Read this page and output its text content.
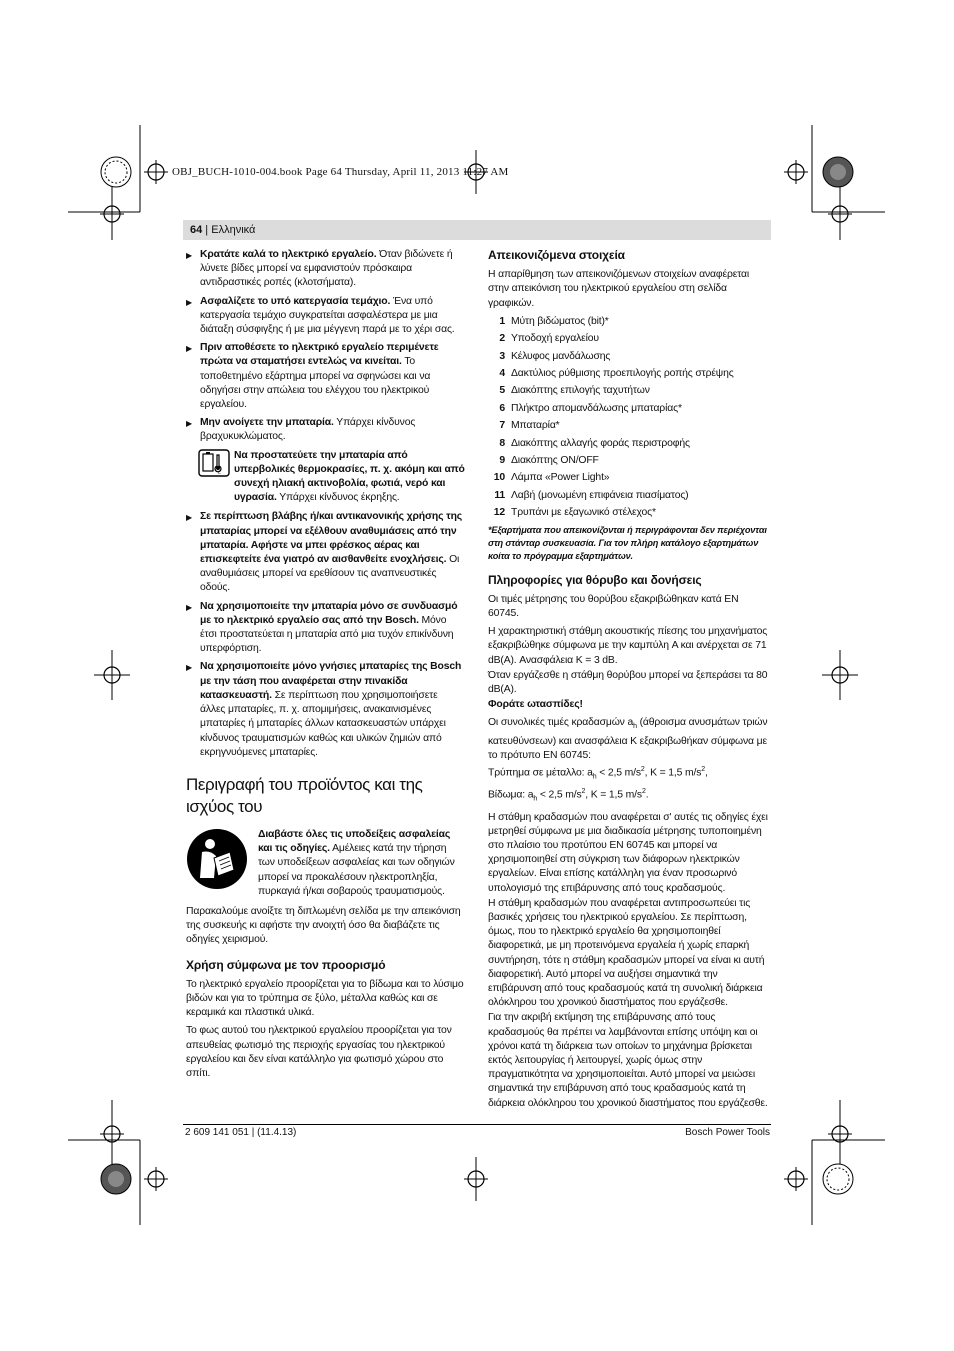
OBJ_BUCH-1010-004.book Page 64 Thursday, April 11, 2013 11:27 AM
64 | Ελληνικά
▶ Κρατάτε καλά το ηλεκτρικό εργαλείο. Όταν βιδώνετε ή λύνετε βίδες μπορεί να εμφανιστούν πρόσκαιρα αντιδραστικές ροπές (κλοτσήματα).
▶ Ασφαλίζετε το υπό κατεργασία τεμάχιο. Ένα υπό κατεργασία τεμάχιο συγκρατείται ασφαλέστερα με μια διάταξη σύσφιγξης ή με μια μέγγενη παρά με το χέρι σας.
▶ Πριν αποθέσετε το ηλεκτρικό εργαλείο περιμένετε πρώτα να σταματήσει εντελώς να κινείται. Το τοποθετημένο εξάρτημα μπορεί να σφηνώσει και να οδηγήσει στην απώλεια του ελέγχου του ηλεκτρικού εργαλείου.
▶ Μην ανοίγετε την μπαταρία. Υπάρχει κίνδυνος βραχυκυκλώματος.
°C
Να προστατεύετε την μπαταρία από υπερβολικές θερμοκρασίες, π. χ. ακόμη και από συνεχή ηλιακή ακτινοβολία, φωτιά, νερό και υγρασία. Υπάρχει κίνδυνος έκρηξης.
▶ Σε περίπτωση βλάβης ή/και αντικανονικής χρήσης της μπαταρίας μπορεί να εξέλθουν αναθυμιάσεις από την μπαταρία. Αφήστε να μπει φρέσκος αέρας και επισκεφτείτε ένα γιατρό αν αισθανθείτε ενοχλήσεις. Οι αναθυμιάσεις μπορεί να ερεθίσουν τις αναπνευστικές οδούς.
▶ Να χρησιμοποιείτε την μπαταρία μόνο σε συνδυασμό με το ηλεκτρικό εργαλείο σας από την Bosch. Μόνο έτσι προστατεύεται η μπαταρία από μια τυχόν επικίνδυνη υπερφόρτιση.
▶ Να χρησιμοποιείτε μόνο γνήσιες μπαταρίες της Bosch με την τάση που αναφέρεται στην πινακίδα κατασκευαστή. Σε περίπτωση που χρησιμοποιήσετε άλλες μπαταρίες, π. χ. απομιμήσεις, ανακαινισμένες μπαταρίες ή μπαταρίες άλλων κατασκευαστών υπάρχει κίνδυνος τραυματισμών καθώς και υλικών ζημιών από εκρηγνυόμενες μπαταρίες.
Περιγραφή του προϊόντος και της ισχύος του
Διαβάστε όλες τις υποδείξεις ασφαλείας και τις οδηγίες. Αμέλειες κατά την τήρηση των υποδείξεων ασφαλείας και των οδηγιών μπορεί να προκαλέσουν ηλεκτροπληξία, πυρκαγιά ή/και σοβαρούς τραυματισμούς.

Παρακαλούμε ανοίξτε τη διπλωμένη σελίδα με την απεικόνιση της συσκευής κι αφήστε την ανοιχτή όσο θα διαβάζετε τις οδηγίες χειρισμού.

Χρήση σύμφωνα με τον προορισμό

Το ηλεκτρικό εργαλείο προορίζεται για το βίδωμα και το λύσιμο βιδών και για το τρύπημα σε ξύλο, μέταλλα καθώς και σε κεραμικά και πλαστικά υλικά.

Το φως αυτού του ηλεκτρικού εργαλείου προορίζεται για τον απευθείας φωτισμό της περιοχής εργασίας του ηλεκτρικού εργαλείου και δεν είναι κατάλληλο για φωτισμό χώρου στο σπίτι.

Απεικονιζόμενα στοιχεία

Η απαρίθμηση των απεικονιζόμενων στοιχείων αναφέρεται στην απεικόνιση του ηλεκτρικού εργαλείου στη σελίδα γραφικών.

1 Μύτη βιδώματος (bit)*
2 Υποδοχή εργαλείου
3 Κέλυφος μανδάλωσης
4 Δακτύλιος ρύθμισης προεπιλογής ροπής στρέψης
5 Διακόπτης επιλογής ταχυτήτων
6 Πλήκτρο απομανδάλωσης μπαταρίας*
7 Μπαταρία*
8 Διακόπτης αλλαγής φοράς περιστροφής
9 Διακόπτης ON/OFF
10 Λάμπα «Power Light»
11 Λαβή (μονωμένη επιφάνεια πιασίματος)
12 Τρυπάνι με εξαγωνικό στέλεχος*
*Εξαρτήματα που απεικονίζονται ή περιγράφονται δεν περιέχονται στη στάνταρ συσκευασία. Για τον πλήρη κατάλογο εξαρτημάτων κοίτα το πρόγραμμα εξαρτημάτων.
Πληροφορίες για θόρυβο και δονήσεις

Οι τιμές μέτρησης του θορύβου εξακριβώθηκαν κατά EN 60745.

Η χαρακτηριστική στάθμη ακουστικής πίεσης του μηχανήματος εξακριβώθηκε σύμφωνα με την καμπύλη A και ανέρχεται σε 71 dB(A). Ανασφάλεια K = 3 dB.

Όταν εργάζεσθε η στάθμη θορύβου μπορεί να ξεπεράσει τα 80 dB(A).

Φοράτε ωτασπίδες!

Οι συνολικές τιμές κραδασμών $a_h$ (άθροισμα ανυσμάτων τριών κατευθύνσεων) και ανασφάλεια K εξακριβωθήκαν σύμφωνα με το πρότυπο EN 60745:

Τρύπημα σε μέταλλο: $a_h < 2,5$ $m/s^2$, K = 1,5 $m/s^2$,

Βίδωμα: $a_h < 2,5$ $m/s^2$, K = 1,5 $m/s^2$.

Η στάθμη κραδασμών που αναφέρεται σ' αυτές τις οδηγίες έχει μετρηθεί σύμφωνα με μια διαδικασία μέτρησης τυποποιημένη στο πλαίσιο του προτύπου EN 60745 και μπορεί να χρησιμοποιηθεί στη σύγκριση των διάφορων ηλεκτρικών εργαλείων. Είναι επίσης κατάλληλη για έναν προσωρινό υπολογισμό της επιβάρυνσης από τους κραδασμούς.

Η στάθμη κραδασμών που αναφέρεται αντιπροσωπεύει τις βασικές χρήσεις του ηλεκτρικού εργαλείου. Σε περίπτωση, όμως, που το ηλεκτρικό εργαλείο θα χρησιμοποιηθεί διαφορετικά, με μη προτεινόμενα εργαλεία ή χωρίς επαρκή συντήρηση, τότε η στάθμη κραδασμών μπορεί να είναι κι αυτή διαφορετική. Αυτό μπορεί να αυξήσει σημαντικά την επιβάρυνση από τους κραδασμούς κατά τη συνολική διάρκεια ολόκληρου του χρονικού διαστήματος που εργάζεσθε.

Για την ακριβή εκτίμηση της επιβάρυνσης από τους κραδασμούς θα πρέπει να λαμβάνονται επίσης υπόψη και οι χρόνοι κατά τη διάρκεια των οποίων το μηχάνημα βρίσκεται εκτός λειτουργίας ή λειτουργεί, χωρίς όμως στην πραγματικότητα να χρησιμοποιείται. Αυτό μπορεί να μειώσει σημαντικά την επιβάρυνση από τους κραδασμούς κατά τη διάρκεια ολόκληρου του χρονικού διαστήματος που εργάζεσθε.

2 609 141 051 | (11.4.13)	Bosch Power Tools
